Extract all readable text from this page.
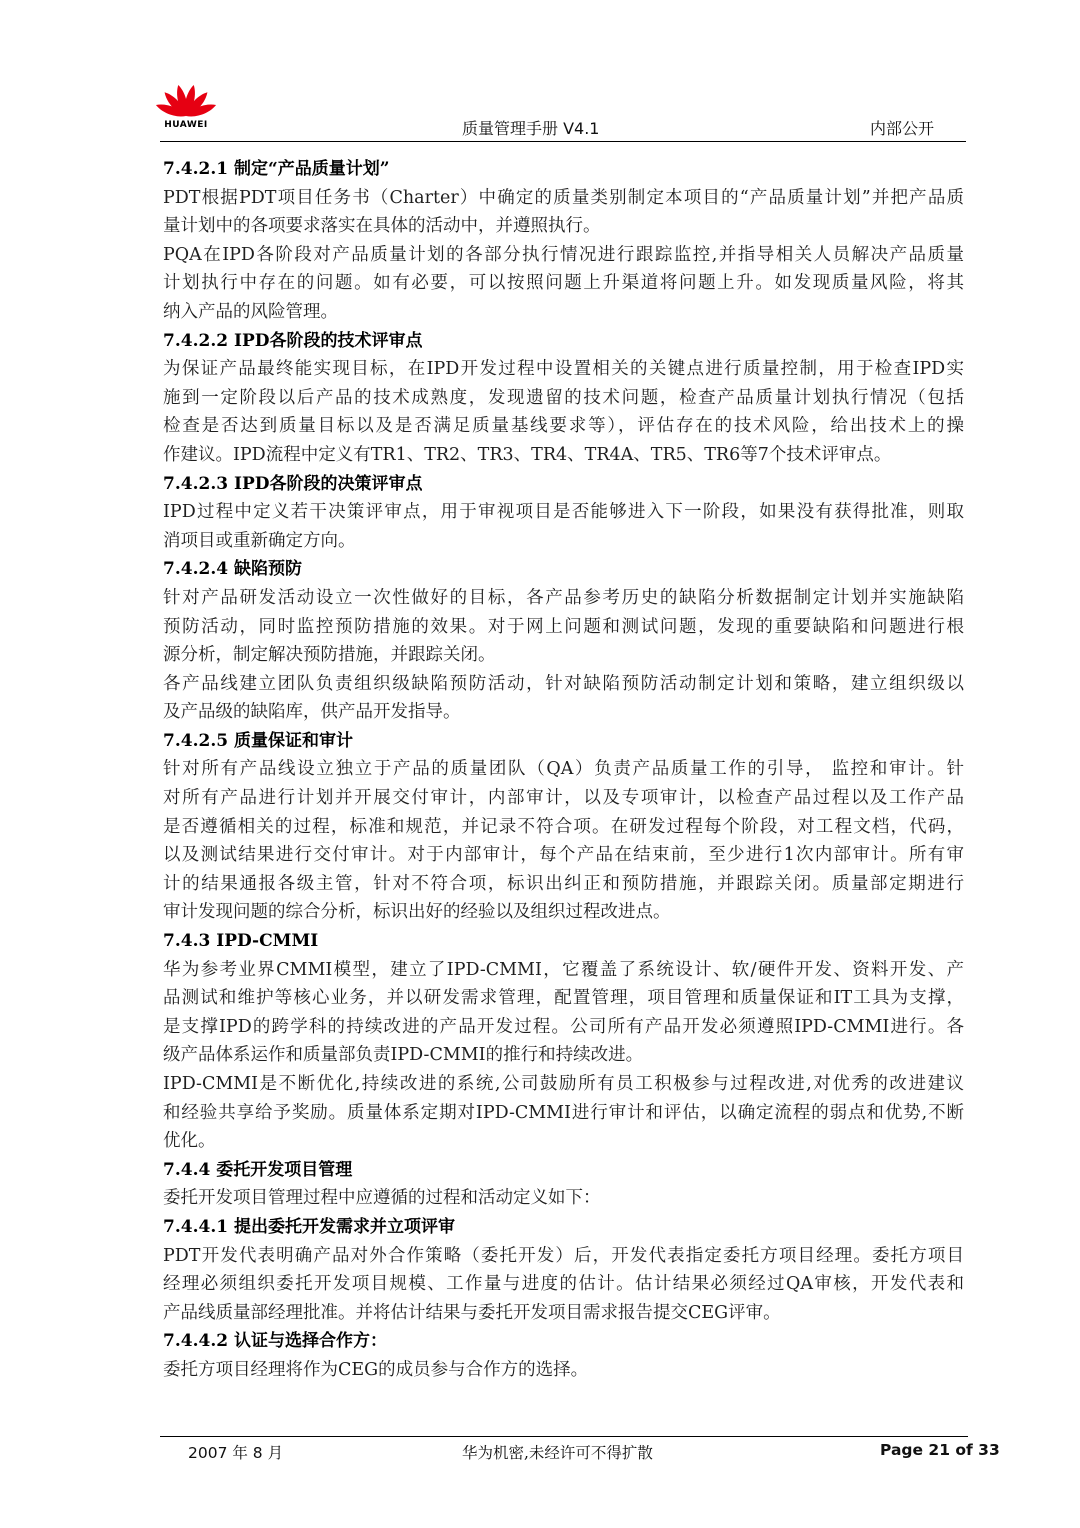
HUAWEI	质量管理手册 V4.1	内部公开
7.4.2.1 制定“产品质量计划”
PDT根据PDT项目任务书（Charter）中确定的质量类别制定本项目的“产品质量计划”并把产品质
量计划中的各项要求落实在具体的活动中，并遵照执行。
PQA在IPD各阶段对产品质量计划的各部分执行情况进行跟踪监控,并指导相关人员解决产品质量
计划执行中存在的问题。如有必要，可以按照问题上升渠道将问题上升。如发现质量风险，将其
纳入产品的风险管理。
7.4.2.2 IPD各阶段的技术评审点
为保证产品最终能实现目标，在IPD开发过程中设置相关的关键点进行质量控制，用于检查IPD实
施到一定阶段以后产品的技术成熟度，发现遗留的技术问题，检查产品质量计划执行情况（包括
检查是否达到质量目标以及是否满足质量基线要求等），评估存在的技术风险，给出技术上的操
作建议。IPD流程中定义有TR1、TR2、TR3、TR4、TR4A、TR5、TR6等7个技术评审点。
7.4.2.3 IPD各阶段的决策评审点
IPD过程中定义若干决策评审点，用于审视项目是否能够进入下一阶段，如果没有获得批准，则取
消项目或重新确定方向。
7.4.2.4 缺陷预防
针对产品研发活动设立一次性做好的目标，各产品参考历史的缺陷分析数据制定计划并实施缺陷
预防活动，同时监控预防措施的效果。对于网上问题和测试问题，发现的重要缺陷和问题进行根
源分析，制定解决预防措施，并跟踪关闭。
各产品线建立团队负责组织级缺陷预防活动，针对缺陷预防活动制定计划和策略，建立组织级以
及产品级的缺陷库，供产品开发指导。
7.4.2.5 质量保证和审计
针对所有产品线设立独立于产品的质量团队（QA）负责产品质量工作的引导， 监控和审计。针
对所有产品进行计划并开展交付审计，内部审计，以及专项审计，以检查产品过程以及工作产品
是否遵循相关的过程，标准和规范，并记录不符合项。在研发过程每个阶段，对工程文档，代码，
以及测试结果进行交付审计。对于内部审计，每个产品在结束前，至少进行1次内部审计。所有审
计的结果通报各级主管，针对不符合项，标识出纠正和预防措施，并跟踪关闭。质量部定期进行
审计发现问题的综合分析，标识出好的经验以及组织过程改进点。
7.4.3 IPD-CMMI
华为参考业界CMMI模型，建立了IPD-CMMI，它覆盖了系统设计、软/硬件开发、资料开发、产
品测试和维护等核心业务，并以研发需求管理，配置管理，项目管理和质量保证和IT工具为支撑，
是支撑IPD的跨学科的持续改进的产品开发过程。公司所有产品开发必须遵照IPD-CMMI进行。各
级产品体系运作和质量部负责IPD-CMMI的推行和持续改进。
IPD-CMMI是不断优化,持续改进的系统,公司鼓励所有员工积极参与过程改进,对优秀的改进建议
和经验共享给予奖励。质量体系定期对IPD-CMMI进行审计和评估，以确定流程的弱点和优势,不断
优化。
7.4.4 委托开发项目管理
委托开发项目管理过程中应遵循的过程和活动定义如下：
7.4.4.1 提出委托开发需求并立项评审
PDT开发代表明确产品对外合作策略（委托开发）后，开发代表指定委托方项目经理。委托方项目
经理必须组织委托开发项目规模、工作量与进度的估计。估计结果必须经过QA审核，开发代表和
产品线质量部经理批准。并将估计结果与委托开发项目需求报告提交CEG评审。
7.4.4.2 认证与选择合作方：
委托方项目经理将作为CEG的成员参与合作方的选择。
2007 年 8 月	华为机密,未经许可不得扩散	Page 21 of 33
